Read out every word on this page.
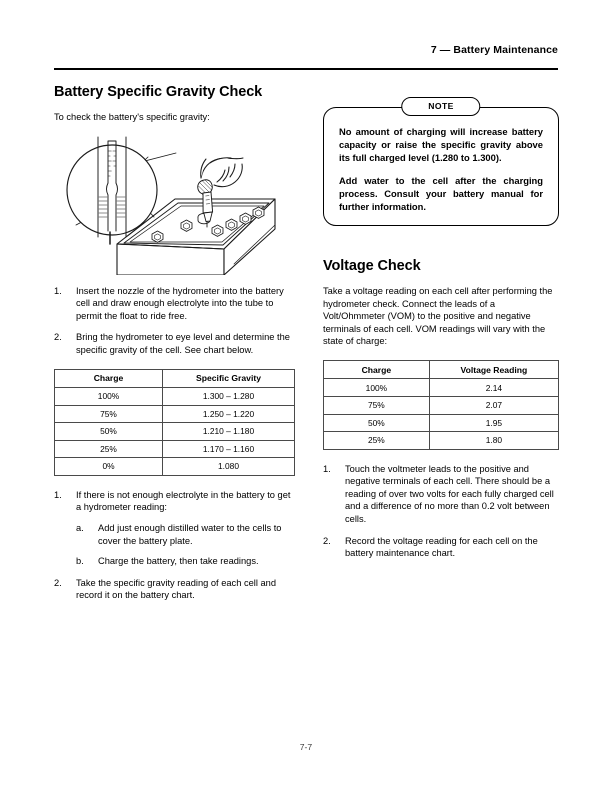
7 — Battery Maintenance
Battery Specific Gravity Check

To check the battery's specific gravity:

1.	Insert the nozzle of the hydrometer into the battery cell and draw enough electrolyte into the tube to permit the float to ride free.
2.	Bring the hydrometer to eye level and determine the specific gravity of the cell. See chart below.
Charge	Specific Gravity
100%	1.300 – 1.280
75%	1.250 – 1.220
50%	1.210 – 1.180
25%	1.170 – 1.160
0%	1.080
1.	If there is not enough electrolyte in the battery to get a hydrometer reading:
a.	Add just enough distilled water to the cells to cover the battery plate.
b.	Charge the battery, then take readings.
2.	Take the specific gravity reading of each cell and record it on the battery chart.
NOTE

No amount of charging will increase battery capacity or raise the specific gravity above its full charged level (1.280 to 1.300).

Add water to the cell after the charging process. Consult your battery manual for further information.

Voltage Check

Take a voltage reading on each cell after performing the hydrometer check. Connect the leads of a Volt/Ohmmeter (VOM) to the positive and negative terminals of each cell. VOM readings will vary with the state of charge:

Charge	Voltage Reading
100%	2.14
75%	2.07
50%	1.95
25%	1.80
1.	Touch the voltmeter leads to the positive and negative terminals of each cell. There should be a reading of over two volts for each fully charged cell and a difference of no more than 0.2 volt between cells.
2.	Record the voltage reading for each cell on the battery maintenance chart.
7-7
